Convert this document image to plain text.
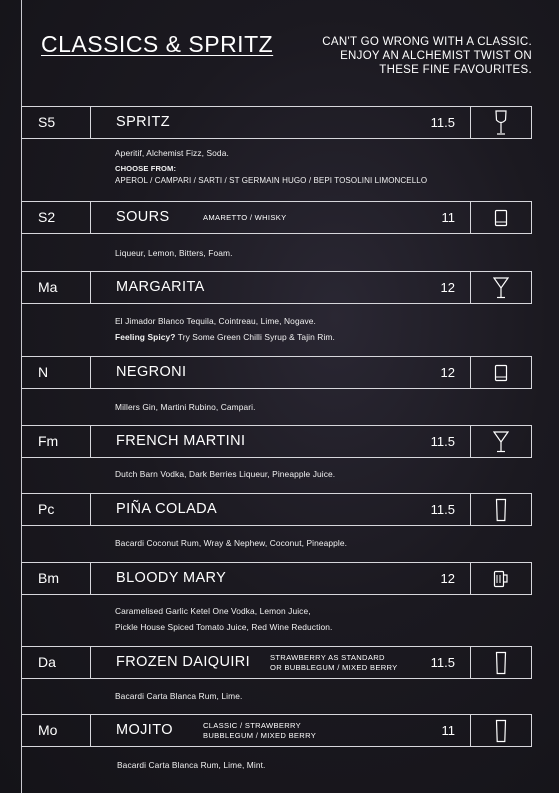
CLASSICS & SPRITZ	CAN'T GO WRONG WITH A CLASSIC.
ENJOY AN ALCHEMIST TWIST ON
THESE FINE FAVOURITES.
S5	SPRITZ	11.5
Aperitif, Alchemist Fizz, Soda.
CHOOSE FROM:
APEROL / CAMPARI / SARTI / ST GERMAIN HUGO / BEPI TOSOLINI LIMONCELLO
S2	SOURS	AMARETTO / WHISKY	11
Liqueur, Lemon, Bitters, Foam.
Ma	MARGARITA	12
El Jimador Blanco Tequila, Cointreau, Lime, Nogave.
Feeling Spicy? Try Some Green Chilli Syrup & Tajin Rim.
N	NEGRONI	12
Millers Gin, Martini Rubino, Campari.
Fm	FRENCH MARTINI	11.5
Dutch Barn Vodka, Dark Berries Liqueur, Pineapple Juice.
Pc	PIÑA COLADA	11.5
Bacardi Coconut Rum, Wray & Nephew, Coconut, Pineapple.
Bm	BLOODY MARY	12
Caramelised Garlic Ketel One Vodka, Lemon Juice,
Pickle House Spiced Tomato Juice, Red Wine Reduction.
Da	FROZEN DAIQUIRI	STRAWBERRY AS STANDARD
OR BUBBLEGUM / MIXED BERRY	11.5
Bacardi Carta Blanca Rum, Lime.
Mo	MOJITO	CLASSIC / STRAWBERRY
BUBBLEGUM / MIXED BERRY	11
Bacardi Carta Blanca Rum, Lime, Mint.
